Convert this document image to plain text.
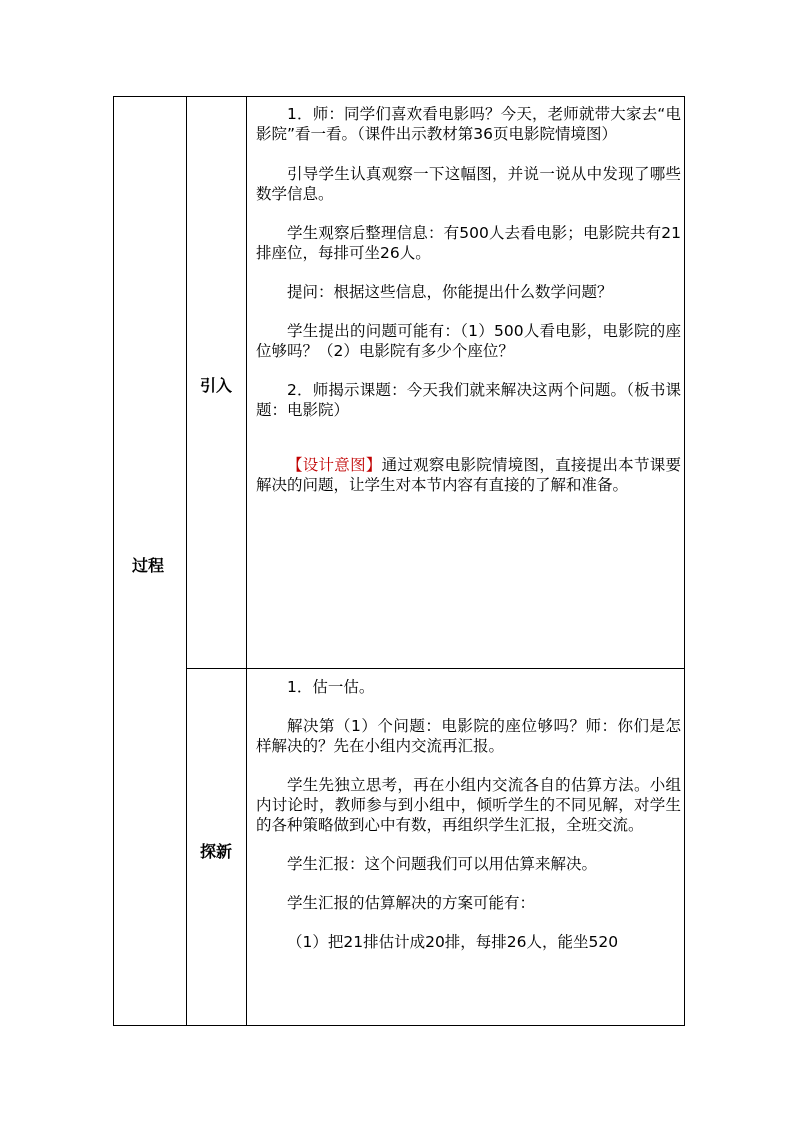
过程
引入
探新

1．师：同学们喜欢看电影吗？今天，老师就带大家去“电影院”看一看。（课件出示教材第36页电影院情境图）

引导学生认真观察一下这幅图，并说一说从中发现了哪些数学信息。

学生观察后整理信息：有500人去看电影；电影院共有21排座位，每排可坐26人。

提问：根据这些信息，你能提出什么数学问题？

学生提出的问题可能有：（1）500人看电影，电影院的座位够吗？（2）电影院有多少个座位？

2．师揭示课题：今天我们就来解决这两个问题。（板书课题：电影院）

【设计意图】通过观察电影院情境图，直接提出本节课要解决的问题，让学生对本节内容有直接的了解和准备。

1．估一估。

解决第（1）个问题：电影院的座位够吗？师：你们是怎样解决的？先在小组内交流再汇报。

学生先独立思考，再在小组内交流各自的估算方法。小组内讨论时，教师参与到小组中，倾听学生的不同见解，对学生的各种策略做到心中有数，再组织学生汇报，全班交流。

学生汇报：这个问题我们可以用估算来解决。

学生汇报的估算解决的方案可能有：

（1）把21排估计成20排，每排26人，能坐520
